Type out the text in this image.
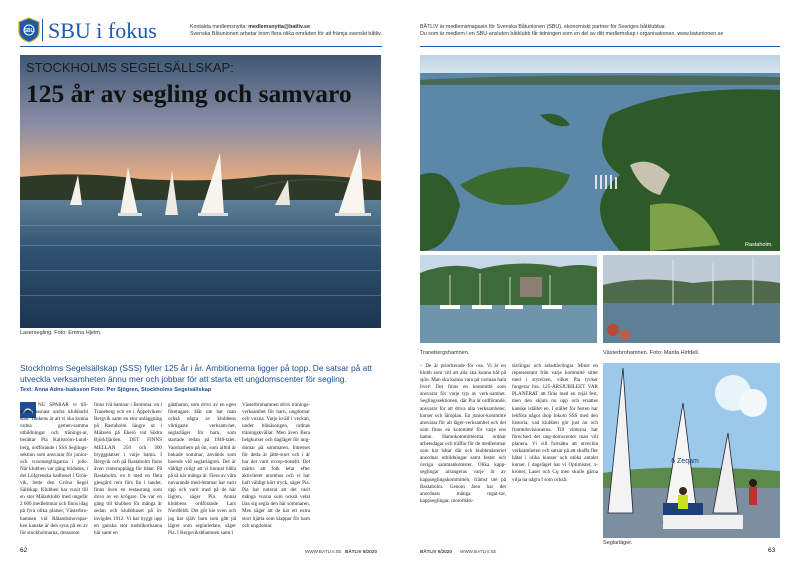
SBU SBU i fokus	Kontakta medlemsnytta: medlemsnytta@batliv.se
Svenska Båtunionen arbetar inom flera olika områden för att främja svenskt båtliv.
BÅTLIV är medlemsmagasin för Svenska Båtunionen (SBU), ekonomiskt partner för Sveriges båtklubbar.
Du som är medlem i en SBU-ansluten båtklubb får tidningen som en del av ditt medlemskap i organisationen. www.batunionen.se
STOCKHOLMS SEGELSÄLLSKAP:
125 år av segling och samvaro
Lasersegling. Foto: Emma Hjelm.
Stockholms Segelsällskap (SSS) fyller 125 år i år. Ambitionerna ligger på topp. De satsar på att utveckla verksamheten ännu mer och jobbar för att starta ett ungdomscenter för segling.
Text: Anna Adns-Isaksson Foto: Per Sjögren, Stockholms Segelsällskap

NU SPARAR vi till-sammanssnast andra klubbarbi stan. Tankens är att vi ska kunna ordna gemen-samma utbildningar och tränings-ar, berättar Pia Kallström-Lund-berg, ordförande i SSS Seglings-sektion som ansvarar för junior- och vuxenseglingarna i jolle. När klubben var gång bildades, i del Löfgrenska badhuset i Grön-vik, hette den Gröna Segel Sällskap. Klubben har vuxit till en stor Mälarklubb med ungefär 2 600 medlemmar och finns idag på fyra olika platser, Västerbro-hamnen vid Rålambshovspar-ken kanske är den syns på en av för stockholmarna, dessutom

finns två hamnar i Bromma: en i Traneberg och en i Äppelviken/ Bergvik samt en stor anläggning på Rastaholm längre ut i Mälaren på Ekerö vid Södra Björkfjärden. DET FINNS MELLAN 250 och 300 bryggplatser i varje hamn. I Bergvik och på Rastaholm finns även vinterupplägg för båtar. På Rastaholm, en 6 med en fleta glesgård rent förs fin i landet, finns även en restaurang som drivs av en krögare. De var en gång till klubben för många år sedan och klubbhuset på öv invigdes 1912. Vi har byggt upp en ganska stor mobilkorhanna här samt en

gästhamn, som drivs av en egen företagare. Här ute har man också några av klubbens viktigaste verksam-het, seglarläger för barn, som startade redan på 1940-talet. Vandrarhem på ön, som alltid är bokade sommar, används som boende vid seglarlägren. Det är väldigt roligt att vi kunnat hålla på så här många år. Flera av våra nuvarande med-lemmar har varit upp och varit med på de här lägren, säger Pia. Annat klubbens ordförande Lars Nordfeldt. Det gör kie sven och jag har själv barn som gått på lägret som seglarledare, säger Pia. I Bergsviksbhamnen samt i

Västerbrohamnen drivs tränings-verksamhet för barn, ungdomar och vuxna. Varje kväll i veckan, under blåsäsongen, ordnas träningskvällar. Men även Bera helgkurser och dagläger för ung-domar på sommaren. Intresset för detta är jätte-stort och i år har det varit excep-tionellt. Det märks att folk letar efter aktiviteter utomhus och vi har haft väldigt kört tryck, säger Pia. Pia har noterat att det varit många vuxna som också velat lära sig segla den här sommaren. Men säger att de har ett extra stort hjärta som klappar för barn och ungdomar.

Rastaholm.
Tranebergshamnen.	Västerbrohamnen. Foto: Marita Hirfdell.

– De är prioriterade för oss. Vi är en klubb som vill att alla ska kunna hål på sjön. Man ska kunna vara på varinan bala livet! Det finns en kommitté som ansvarar för varje typ av verk-samhet. Seglingssektionen, där Pia är ordförande, ansvarar för att driva alla verksamheter, kurser och läroplan. En junior-kommitté ansvarar för all läger-verksamhet och det som finns en kommitté för varje ens hamn. Hamnkommittéerna ordnar arbetsdagar och träffar för de medlemmar som har båtar där och klubbmästeriet anordnar utbildningar samt fester och övriga sammankomster. Olika kapp-seglingar arrangeras varje år av kappseglingskommittén, främst ute på Rastaholm. Genom åren har det anordnats många regat-tor, kappseglingar, motorbåts-

tävlingar och seladtävlingar. Minst en representant från varje kommitté sitter med i styrelsen, vilket Pia tycker fungerar bra. 125-ÅRSJUBILEET VAR PLANERAT att firas med en rejäl fest, men den skjuts nu upp och ersattes kanske istället en. I stället för festen har lekföra något ihop lokom SSS med den historia, vad klubben gör just nu och framtidsvisionerna. Till vinterna har föreclsed det ung-domscenter man vill planera. Vi vill fortsätta att utveckla verksamheten och satsar på att skaffa fler båtar i olika klasser och utöka antalet kurser. I dagsläget har vi Optimister, x-kroner, Laser och Cq men skulle gärna vilja ha några f som också.

6 Zeqam
Seglarläger.
62	WWW.BATLIV.SE BÅTLIV 6/2020	BÅTLIV 6/2020 WWW.BATLIV.SE	63
